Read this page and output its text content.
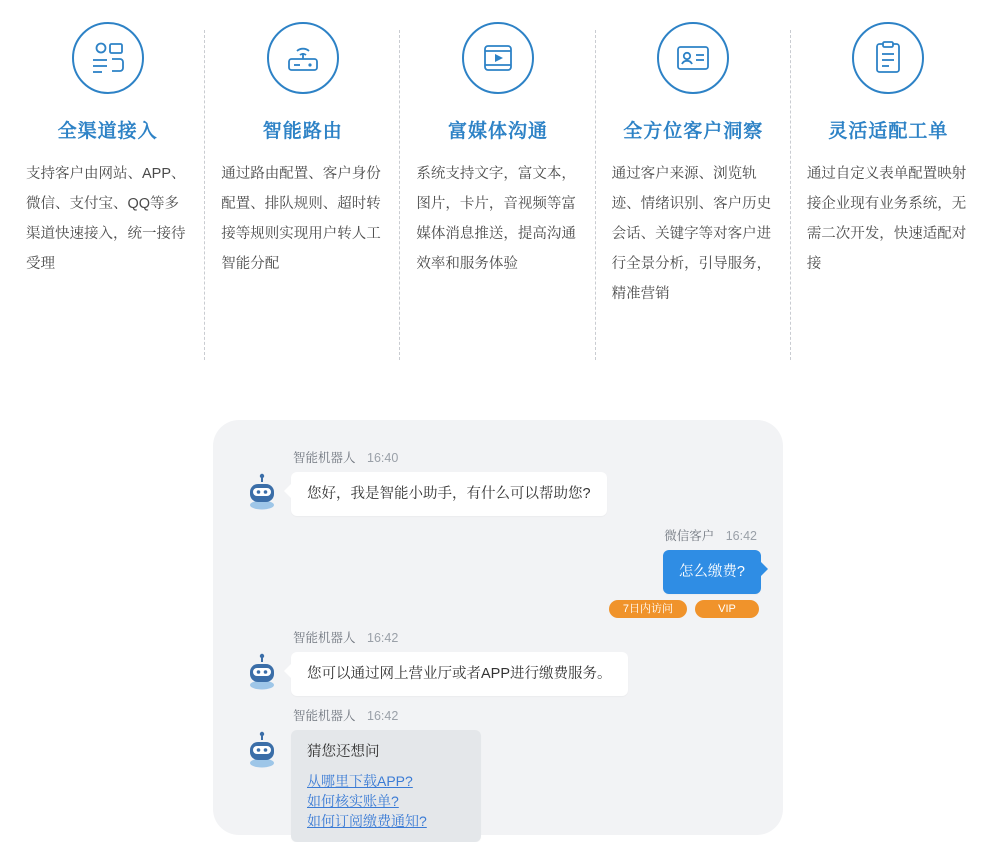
全渠道接入
支持客户由网站、APP、微信、支付宝、QQ等多渠道快速接入，统一接待受理
智能路由
通过路由配置、客户身份配置、排队规则、超时转接等规则实现用户转人工智能分配
富媒体沟通
系统支持文字，富文本，图片，卡片，音视频等富媒体消息推送，提高沟通效率和服务体验
全方位客户洞察
通过客户来源、浏览轨迹、情绪识别、客户历史会话、关键字等对客户进行全景分析，引导服务，精准营销
灵活适配工单
通过自定义表单配置映射接企业现有业务系统，无需二次开发，快速适配对接
智能机器人 16:40
您好，我是智能小助手，有什么可以帮助您?
微信客户 16:42
怎么缴费?
7日内访问	VIP
智能机器人 16:42
您可以通过网上营业厅或者APP进行缴费服务。
智能机器人 16:42
猜您还想问
从哪里下载APP?
如何核实账单?
如何订阅缴费通知?
